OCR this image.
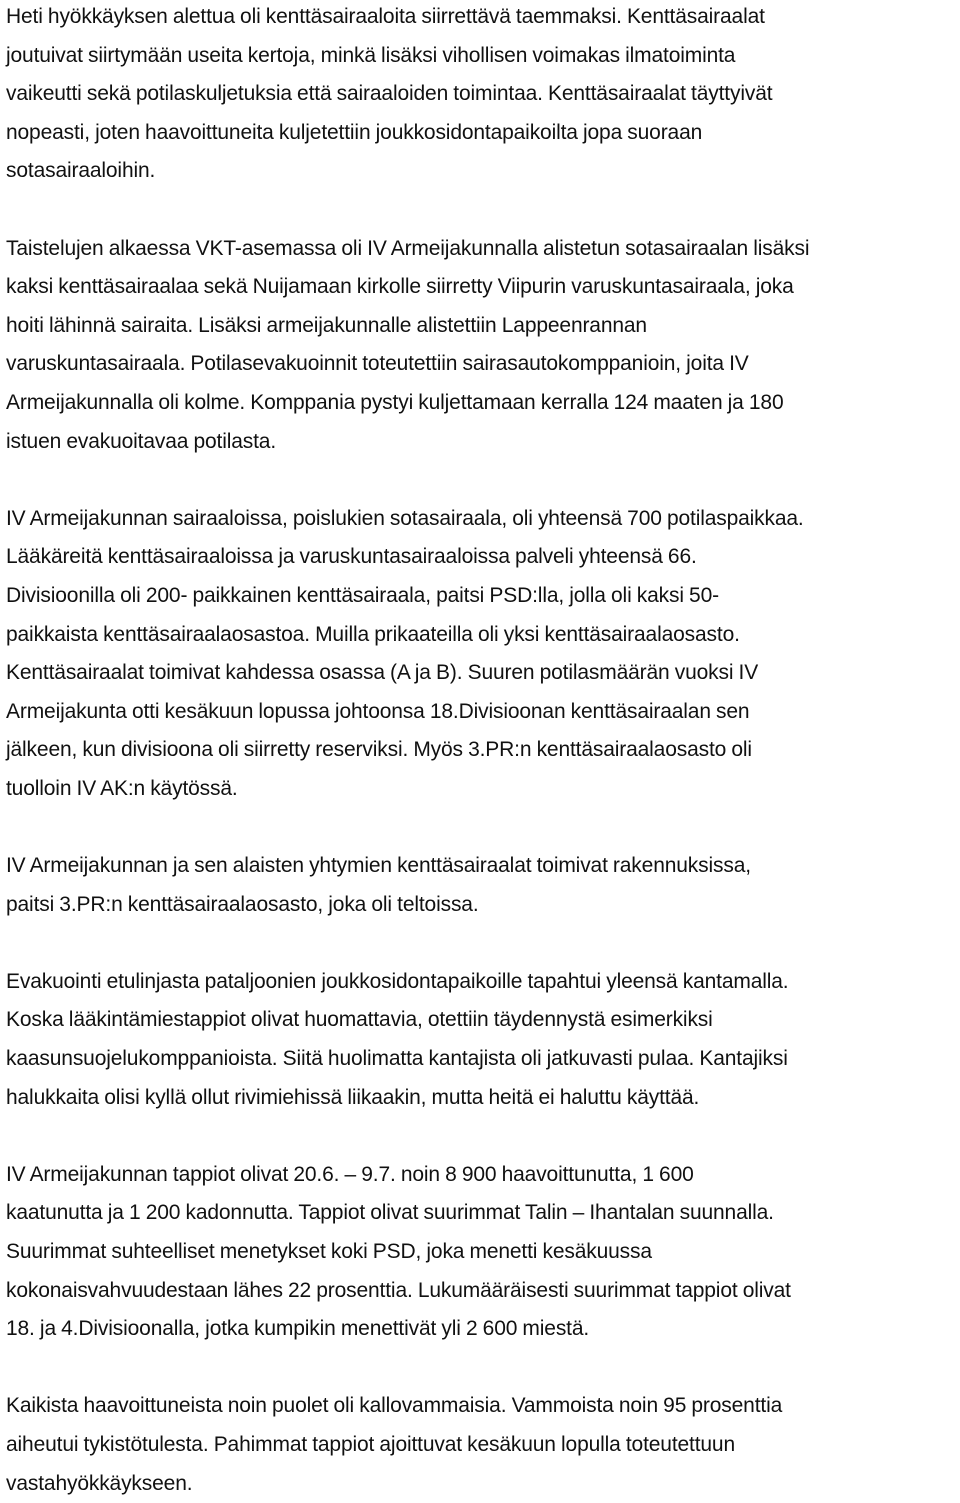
Heti hyökkäyksen alettua oli kenttäsairaaloita siirrettävä taemmaksi. Kenttäsairaalat
joutuivat siirtymään useita kertoja, minkä lisäksi vihollisen voimakas ilmatoiminta
vaikeutti sekä potilaskuljetuksia että sairaaloiden toimintaa. Kenttäsairaalat täyttyivät
nopeasti, joten haavoittuneita kuljetettiin joukkosidontapaikoilta jopa suoraan
sotasairaaloihin.

Taistelujen alkaessa VKT-asemassa oli IV Armeijakunnalla alistetun sotasairaalan lisäksi
kaksi kenttäsairaalaa sekä Nuijamaan kirkolle siirretty Viipurin varuskuntasairaala, joka
hoiti lähinnä sairaita. Lisäksi armeijakunnalle alistettiin Lappeenrannan
varuskuntasairaala. Potilasevakuoinnit toteutettiin sairasautokomppanioin, joita IV
Armeijakunnalla oli kolme. Komppania pystyi kuljettamaan kerralla 124 maaten ja 180
istuen evakuoitavaa potilasta.

IV Armeijakunnan sairaaloissa, poislukien sotasairaala, oli yhteensä 700 potilaspaikkaa.
Lääkäreitä kenttäsairaaloissa ja varuskuntasairaaloissa palveli yhteensä 66.
Divisioonilla oli 200- paikkainen kenttäsairaala, paitsi PSD:lla, jolla oli kaksi 50-
paikkaista kenttäsairaalaosastoa. Muilla prikaateilla oli yksi kenttäsairaalaosasto.
Kenttäsairaalat toimivat kahdessa osassa (A ja B). Suuren potilasmäärän vuoksi IV
Armeijakunta otti kesäkuun lopussa johtoonsa 18.Divisioonan kenttäsairaalan sen
jälkeen, kun divisioona oli siirretty reserviksi. Myös 3.PR:n kenttäsairaalaosasto oli
tuolloin IV AK:n käytössä.

IV Armeijakunnan ja sen alaisten yhtymien kenttäsairaalat toimivat rakennuksissa,
paitsi 3.PR:n kenttäsairaalaosasto, joka oli teltoissa.

Evakuointi etulinjasta pataljoonien joukkosidontapaikoille tapahtui yleensä kantamalla.
Koska lääkintämiestappiot olivat huomattavia, otettiin täydennystä esimerkiksi
kaasunsuojelukomppanioista. Siitä huolimatta kantajista oli jatkuvasti pulaa. Kantajiksi
halukkaita olisi kyllä ollut rivimiehissä liikaakin, mutta heitä ei haluttu käyttää.

IV Armeijakunnan tappiot olivat 20.6. – 9.7. noin 8 900 haavoittunutta, 1 600
kaatunutta ja 1 200 kadonnutta. Tappiot olivat suurimmat Talin – Ihantalan suunnalla.
Suurimmat suhteelliset menetykset koki PSD, joka menetti kesäkuussa
kokonaisvahvuudestaan lähes 22 prosenttia. Lukumääräisesti suurimmat tappiot olivat
18. ja 4.Divisioonalla, jotka kumpikin menettivät yli 2 600 miestä.

Kaikista haavoittuneista noin puolet oli kallovammaisia. Vammoista noin 95 prosenttia
aiheutui tykistötulesta. Pahimmat tappiot ajoittuvat kesäkuun lopulla toteutettuun
vastahyökkäykseen.
